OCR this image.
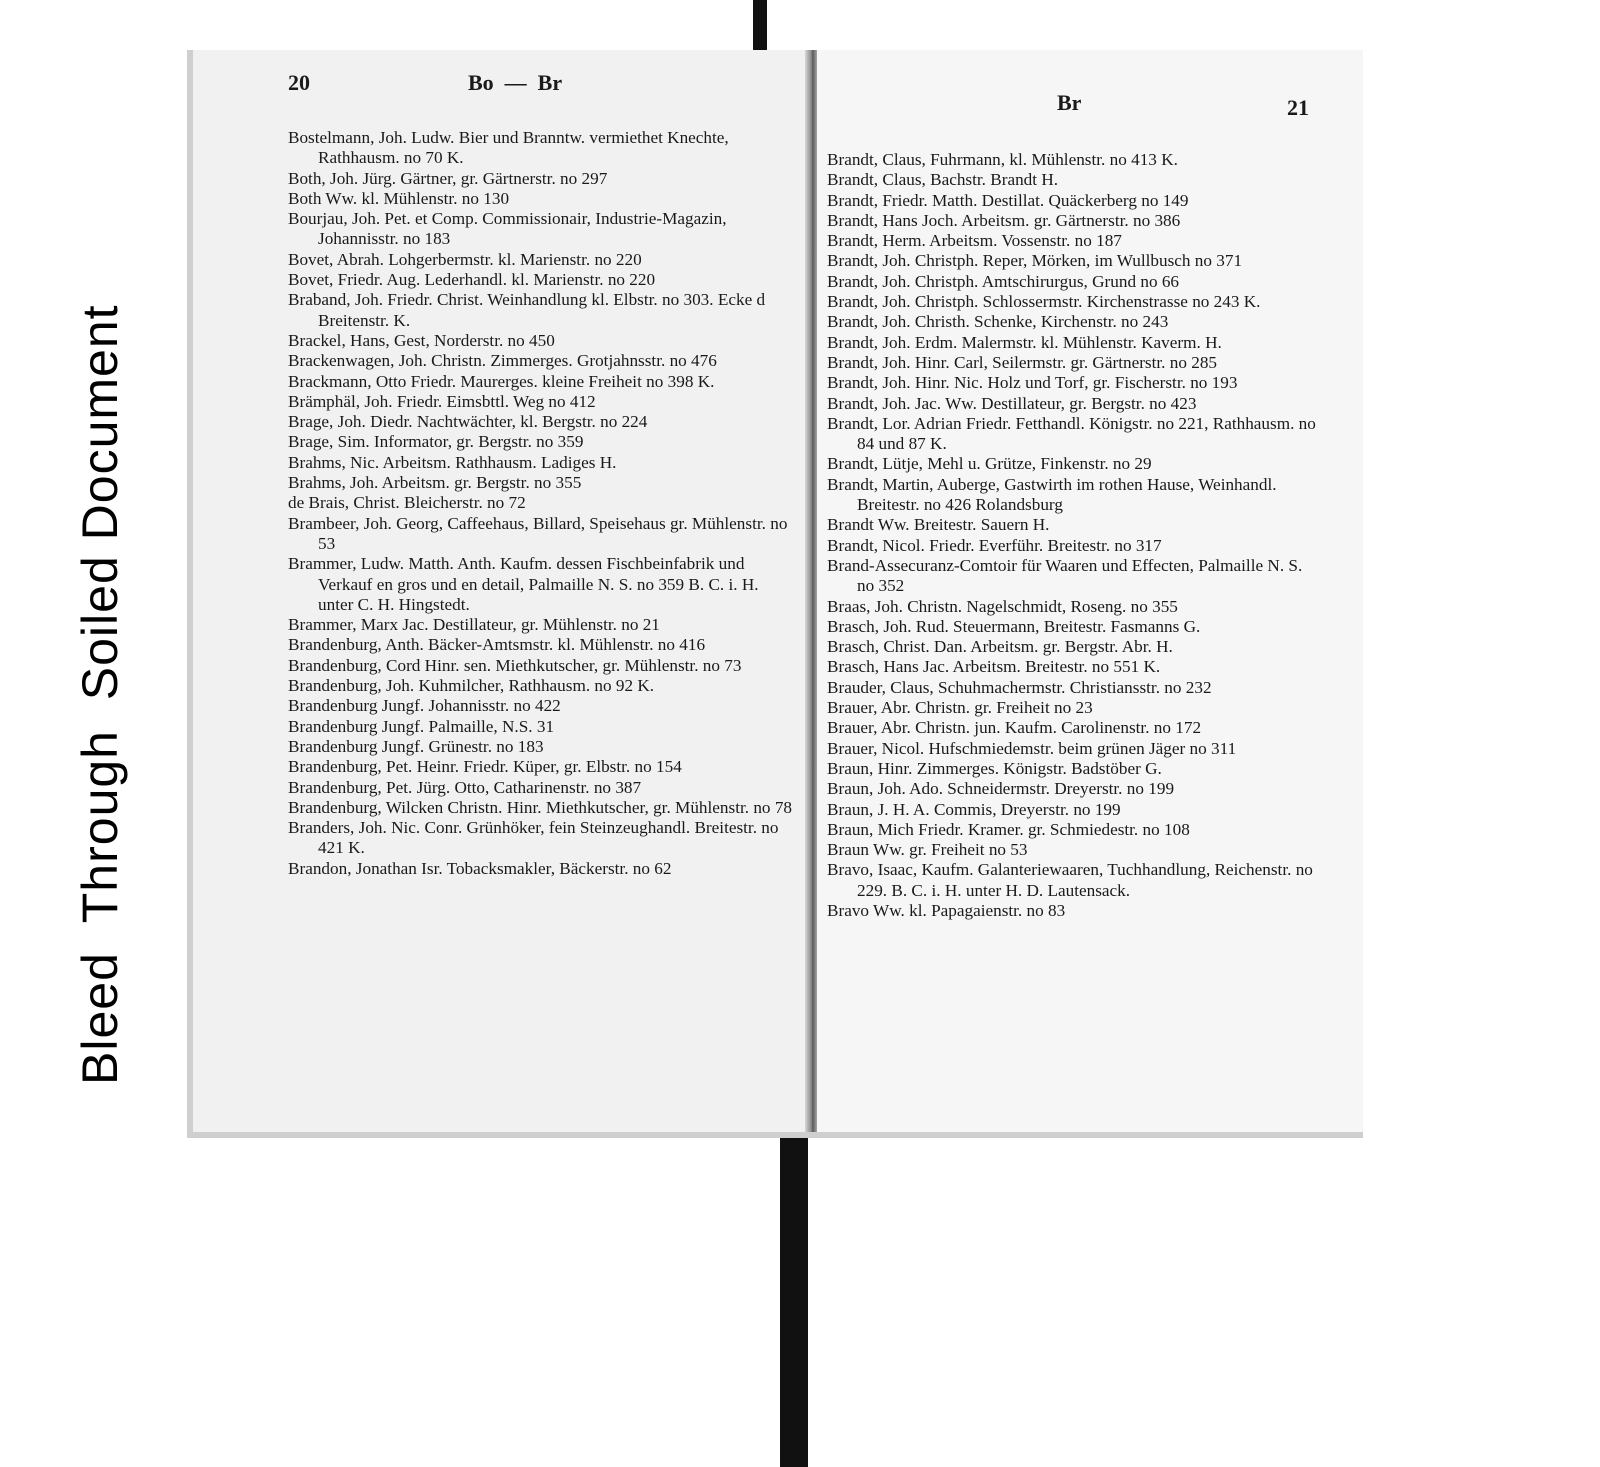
Bleed  Through  Soiled Document
20	Bo  —  Br
Bostelmann, Joh. Ludw. Bier und Branntw. vermiethet Knechte, Rathhausm. no 70 K.
Both, Joh. Jürg. Gärtner, gr. Gärtnerstr. no 297
Both Ww. kl. Mühlenstr. no 130
Bourjau, Joh. Pet. et Comp. Commissionair, Industrie-Magazin, Johannisstr. no 183
Bovet, Abrah. Lohgerbermstr. kl. Marienstr. no 220
Bovet, Friedr. Aug. Lederhandl. kl. Marienstr. no 220
Braband, Joh. Friedr. Christ. Weinhandlung kl. Elbstr. no 303. Ecke d Breitenstr. K.
Brackel, Hans, Gest, Norderstr. no 450
Brackenwagen, Joh. Christn. Zimmerges. Grotjahnsstr. no 476
Brackmann, Otto Friedr. Maurerges. kleine Freiheit no 398 K.
Brämphäl, Joh. Friedr. Eimsbttl. Weg no 412
Brage, Joh. Diedr. Nachtwächter, kl. Bergstr. no 224
Brage, Sim. Informator, gr. Bergstr. no 359
Brahms, Nic. Arbeitsm. Rathhausm. Ladiges H.
Brahms, Joh. Arbeitsm. gr. Bergstr. no 355
de Brais, Christ. Bleicherstr. no 72
Brambeer, Joh. Georg, Caffeehaus, Billard, Speisehaus gr. Mühlenstr. no 53
Brammer, Ludw. Matth. Anth. Kaufm. dessen Fischbeinfabrik und Verkauf en gros und en detail, Palmaille N. S. no 359 B. C. i. H. unter C. H. Hingstedt.
Brammer, Marx Jac. Destillateur, gr. Mühlenstr. no 21
Brandenburg, Anth. Bäcker-Amtsmstr. kl. Mühlenstr. no 416
Brandenburg, Cord Hinr. sen. Miethkutscher, gr. Mühlenstr. no 73
Brandenburg, Joh. Kuhmilcher, Rathhausm. no 92 K.
Brandenburg Jungf. Johannisstr. no 422
Brandenburg Jungf. Palmaille, N.S. 31
Brandenburg Jungf. Grünestr. no 183
Brandenburg, Pet. Heinr. Friedr. Küper, gr. Elbstr. no 154
Brandenburg, Pet. Jürg. Otto, Catharinenstr. no 387
Brandenburg, Wilcken Christn. Hinr. Miethkutscher, gr. Mühlenstr. no 78
Branders, Joh. Nic. Conr. Grünhöker, fein Steinzeughandl. Breitestr. no 421 K.
Brandon, Jonathan Isr. Tobacksmakler, Bäckerstr. no 62
Br	21
Brandt, Claus, Fuhrmann, kl. Mühlenstr. no 413 K.
Brandt, Claus, Bachstr. Brandt H.
Brandt, Friedr. Matth. Destillat. Quäckerberg no 149
Brandt, Hans Joch. Arbeitsm. gr. Gärtnerstr. no 386
Brandt, Herm. Arbeitsm. Vossenstr. no 187
Brandt, Joh. Christph. Reper, Mörken, im Wullbusch no 371
Brandt, Joh. Christph. Amtschirurgus, Grund no 66
Brandt, Joh. Christph. Schlossermstr. Kirchenstrasse no 243 K.
Brandt, Joh. Christh. Schenke, Kirchenstr. no 243
Brandt, Joh. Erdm. Malermstr. kl. Mühlenstr. Kaverm. H.
Brandt, Joh. Hinr. Carl, Seilermstr. gr. Gärtnerstr. no 285
Brandt, Joh. Hinr. Nic. Holz und Torf, gr. Fischerstr. no 193
Brandt, Joh. Jac. Ww. Destillateur, gr. Bergstr. no 423
Brandt, Lor. Adrian Friedr. Fetthandl. Königstr. no 221, Rathhausm. no 84 und 87 K.
Brandt, Lütje, Mehl u. Grütze, Finkenstr. no 29
Brandt, Martin, Auberge, Gastwirth im rothen Hause, Weinhandl. Breitestr. no 426 Rolandsburg
Brandt Ww. Breitestr. Sauern H.
Brandt, Nicol. Friedr. Everführ. Breitestr. no 317
Brand-Assecuranz-Comtoir für Waaren und Effecten, Palmaille N. S. no 352
Braas, Joh. Christn. Nagelschmidt, Roseng. no 355
Brasch, Joh. Rud. Steuermann, Breitestr. Fasmanns G.
Brasch, Christ. Dan. Arbeitsm. gr. Bergstr. Abr. H.
Brasch, Hans Jac. Arbeitsm. Breitestr. no 551 K.
Brauder, Claus, Schuhmachermstr. Christiansstr. no 232
Brauer, Abr. Christn. gr. Freiheit no 23
Brauer, Abr. Christn. jun. Kaufm. Carolinenstr. no 172
Brauer, Nicol. Hufschmiedemstr. beim grünen Jäger no 311
Braun, Hinr. Zimmerges. Königstr. Badstöber G.
Braun, Joh. Ado. Schneidermstr. Dreyerstr. no 199
Braun, J. H. A. Commis, Dreyerstr. no 199
Braun, Mich Friedr. Kramer. gr. Schmiedestr. no 108
Braun Ww. gr. Freiheit no 53
Bravo, Isaac, Kaufm. Galanteriewaaren, Tuchhandlung, Reichenstr. no 229. B. C. i. H. unter H. D. Lautensack.
Bravo Ww. kl. Papagaienstr. no 83
